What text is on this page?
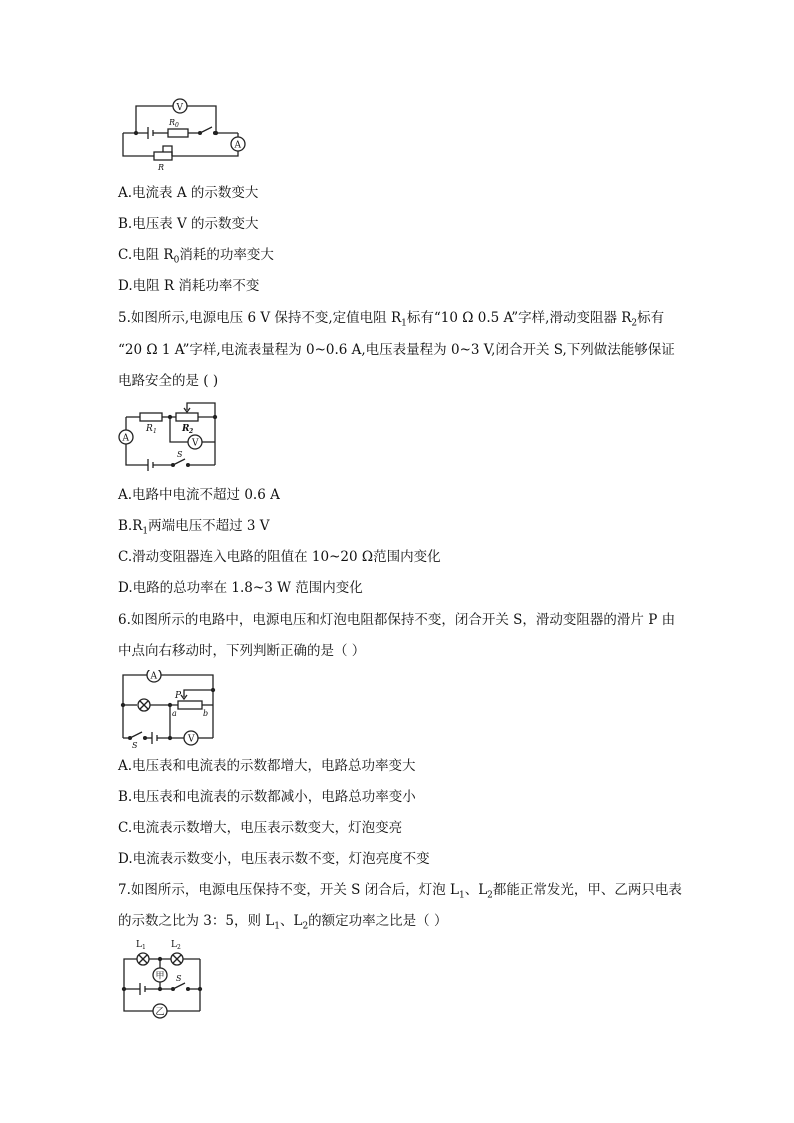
V
R 0
A
R
A.电流表 A 的示数变大
B.电压表 V 的示数变大
C.电阻 $R_0$消耗的功率变大
D.电阻 R 消耗功率不变
5.如图所示,电源电压 6 V 保持不变,定值电阻 $R_1$标有“10 Ω 0.5 A”字样,滑动变阻器 $R_2$标有
“20 Ω 1 A”字样,电流表量程为 0~0.6 A,电压表量程为 0~3 V,闭合开关 S,下列做法能够保证
电路安全的是 ( )
A
R 1	R 2
V
S
A.电路中电流不超过 0.6 A
$B.R_1$两端电压不超过 3 V
C.滑动变阻器连入电路的阻值在 10~20 Ω范围内变化
D.电路的总功率在 1.8~3 W 范围内变化
6.如图所示的电路中，电源电压和灯泡电阻都保持不变，闭合开关 S，滑动变阻器的滑片 P 由
中点向右移动时，下列判断正确的是（ ）
A
P
a	b
S
V
A.电压表和电流表的示数都增大，电路总功率变大
B.电压表和电流表的示数都减小，电路总功率变小
C.电流表示数增大，电压表示数变大，灯泡变亮
D.电流表示数变小，电压表示数不变，灯泡亮度不变
7.如图所示，电源电压保持不变，开关 S 闭合后，灯泡 $L_1$、$L_2$都能正常发光，甲、乙两只电表
的示数之比为 3：5，则 $L_1$、$L_2$的额定功率之比是（ ）
L 1	L 2
甲 S
乙
